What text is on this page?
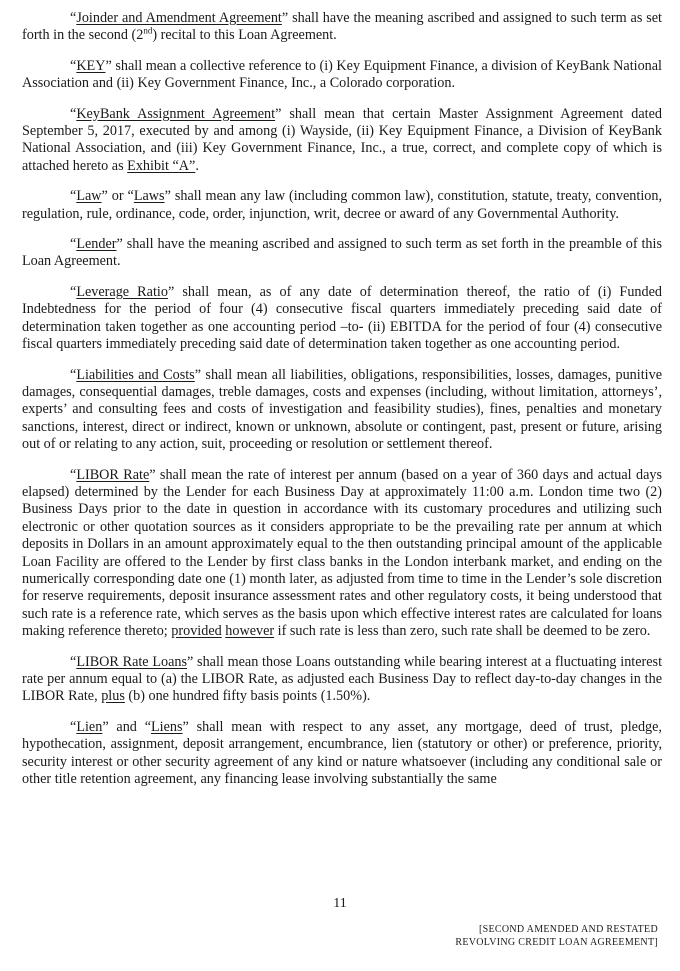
“Joinder and Amendment Agreement” shall have the meaning ascribed and assigned to such term as set forth in the second (2nd) recital to this Loan Agreement.

“KEY” shall mean a collective reference to (i) Key Equipment Finance, a division of KeyBank National Association and (ii) Key Government Finance, Inc., a Colorado corporation.

“KeyBank Assignment Agreement” shall mean that certain Master Assignment Agreement dated September 5, 2017, executed by and among (i) Wayside, (ii) Key Equipment Finance, a Division of KeyBank National Association, and (iii) Key Government Finance, Inc., a true, correct, and complete copy of which is attached hereto as Exhibit “A”.

“Law” or “Laws” shall mean any law (including common law), constitution, statute, treaty, convention, regulation, rule, ordinance, code, order, injunction, writ, decree or award of any Governmental Authority.

“Lender” shall have the meaning ascribed and assigned to such term as set forth in the preamble of this Loan Agreement.

“Leverage Ratio” shall mean, as of any date of determination thereof, the ratio of (i) Funded Indebtedness for the period of four (4) consecutive fiscal quarters immediately preceding said date of determination taken together as one accounting period –to- (ii) EBITDA for the period of four (4) consecutive fiscal quarters immediately preceding said date of determination taken together as one accounting period.

“Liabilities and Costs” shall mean all liabilities, obligations, responsibilities, losses, damages, punitive damages, consequential damages, treble damages, costs and expenses (including, without limitation, attorneys’, experts’ and consulting fees and costs of investigation and feasibility studies), fines, penalties and monetary sanctions, interest, direct or indirect, known or unknown, absolute or contingent, past, present or future, arising out of or relating to any action, suit, proceeding or resolution or settlement thereof.

“LIBOR Rate” shall mean the rate of interest per annum (based on a year of 360 days and actual days elapsed) determined by the Lender for each Business Day at approximately 11:00 a.m. London time two (2) Business Days prior to the date in question in accordance with its customary procedures and utilizing such electronic or other quotation sources as it considers appropriate to be the prevailing rate per annum at which deposits in Dollars in an amount approximately equal to the then outstanding principal amount of the applicable Loan Facility are offered to the Lender by first class banks in the London interbank market, and ending on the numerically corresponding date one (1) month later, as adjusted from time to time in the Lender’s sole discretion for reserve requirements, deposit insurance assessment rates and other regulatory costs, it being understood that such rate is a reference rate, which serves as the basis upon which effective interest rates are calculated for loans making reference thereto; provided however if such rate is less than zero, such rate shall be deemed to be zero.

“LIBOR Rate Loans” shall mean those Loans outstanding while bearing interest at a fluctuating interest rate per annum equal to (a) the LIBOR Rate, as adjusted each Business Day to reflect day-to-day changes in the LIBOR Rate, plus (b) one hundred fifty basis points (1.50%).

“Lien” and “Liens” shall mean with respect to any asset, any mortgage, deed of trust, pledge, hypothecation, assignment, deposit arrangement, encumbrance, lien (statutory or other) or preference, priority, security interest or other security agreement of any kind or nature whatsoever (including any conditional sale or other title retention agreement, any financing lease involving substantially the same

11
[SECOND AMENDED AND RESTATED
REVOLVING CREDIT LOAN AGREEMENT]
